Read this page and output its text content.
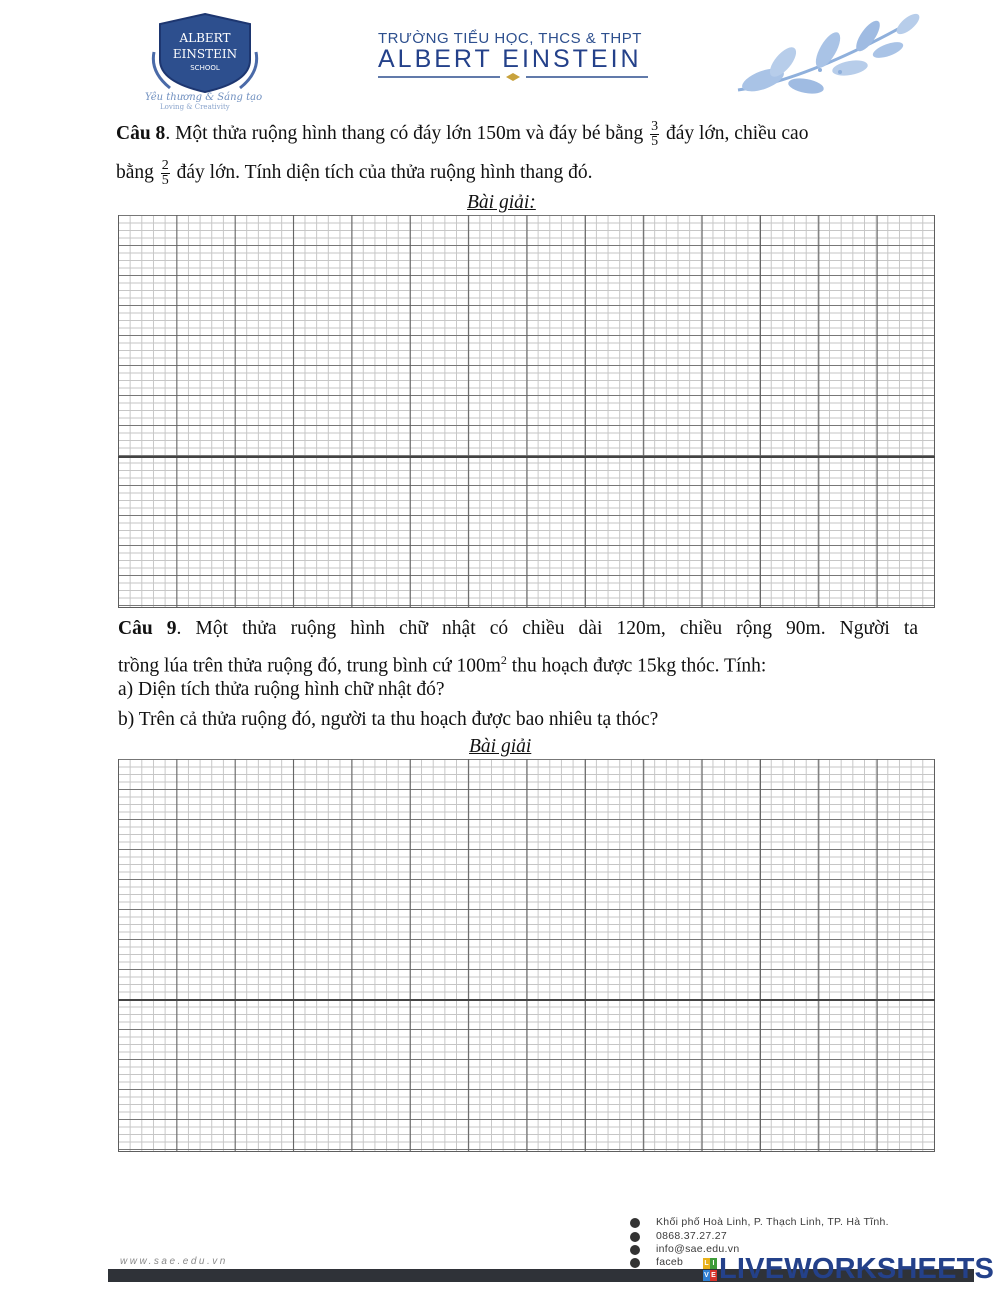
ALBERT
EINSTEIN
SCHOOL
Yêu thương & Sáng tạo
Loving & Creativity
TRƯỜNG TIỂU HỌC, THCS & THPT
ALBERT EINSTEIN
Câu 8. Một thửa ruộng hình thang có đáy lớn 150m và đáy bé bằng $\frac{3}{5}$ đáy lớn, chiều cao
bằng $\frac{2}{5}$ đáy lớn. Tính diện tích của thửa ruộng hình thang đó.
Bài giải:
Câu 9. Một thửa ruộng hình chữ nhật có chiều dài 120m, chiều rộng 90m. Người ta
trồng lúa trên thửa ruộng đó, trung bình cứ $100m^2$ thu hoạch được 15kg thóc. Tính:
a) Diện tích thửa ruộng hình chữ nhật đó?
b) Trên cả thửa ruộng đó, người ta thu hoạch được bao nhiêu tạ thóc?
Bài giải
www.sae.edu.vn
Khối phố Hoà Linh, P. Thạch Linh, TP. Hà Tĩnh.
0868.37.27.27
info@sae.edu.vn
faceb	L I
V E LIVEWORKSHEETS
